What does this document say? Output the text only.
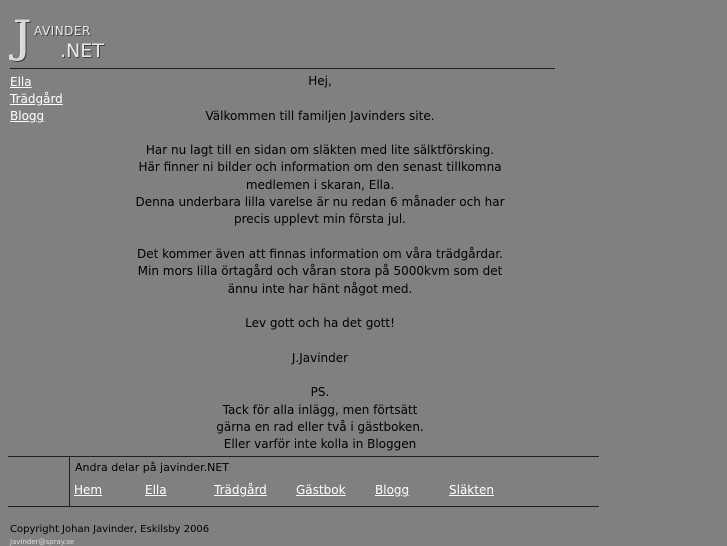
J AVINDER
.NET
Ella
Trädgård
Blogg

Hej,

Välkommen till familjen Javinders site.

Har nu lagt till en sidan om släkten med lite sälktförsking.
Här finner ni bilder och information om den senast tillkomna
medlemen i skaran, Ella.
Denna underbara lilla varelse är nu redan 6 månader och har
precis upplevt min första jul.

Det kommer även att finnas information om våra trädgårdar.
Min mors lilla örtagård och våran stora på 5000kvm som det
ännu inte har hänt något med.

Lev gott och ha det gott!

J.Javinder

PS.
Tack för alla inlägg, men förtsätt
gärna en rad eller två i gästboken.
Eller varför inte kolla in Bloggen

Andra delar på javinder.NET
Hem	Ella	Trädgård Gästbok Blogg	Släkten
Copyright Johan Javinder, Eskilsby 2006
Javinder@spray.se
